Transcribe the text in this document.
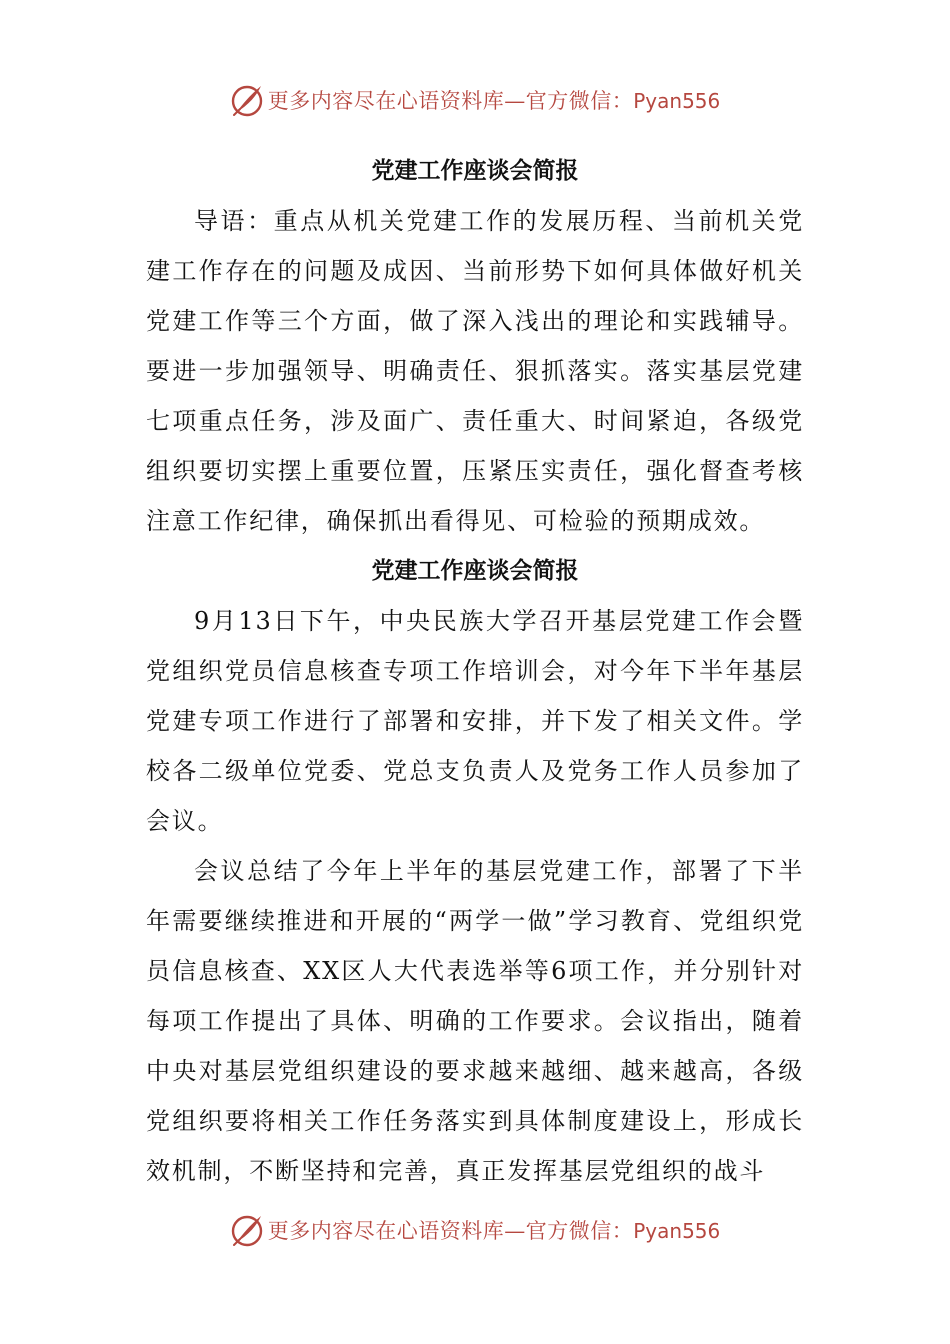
更多内容尽在心语资料库—官方微信：Pyan556
党建工作座谈会简报

导语：重点从机关党建工作的发展历程、当前机关党建工作存在的问题及成因、当前形势下如何具体做好机关党建工作等三个方面，做了深入浅出的理论和实践辅导。要进一步加强领导、明确责任、狠抓落实。落实基层党建七项重点任务，涉及面广、责任重大、时间紧迫，各级党组织要切实摆上重要位置，压紧压实责任，强化督查考核注意工作纪律，确保抓出看得见、可检验的预期成效。

党建工作座谈会简报

9月13日下午，中央民族大学召开基层党建工作会暨党组织党员信息核查专项工作培训会，对今年下半年基层党建专项工作进行了部署和安排，并下发了相关文件。学校各二级单位党委、党总支负责人及党务工作人员参加了会议。

会议总结了今年上半年的基层党建工作，部署了下半年需要继续推进和开展的“两学一做”学习教育、党组织党员信息核查、XX区人大代表选举等6项工作，并分别针对每项工作提出了具体、明确的工作要求。会议指出，随着中央对基层党组织建设的要求越来越细、越来越高，各级党组织要将相关工作任务落实到具体制度建设上，形成长效机制，不断坚持和完善，真正发挥基层党组织的战斗

更多内容尽在心语资料库—官方微信：Pyan556
